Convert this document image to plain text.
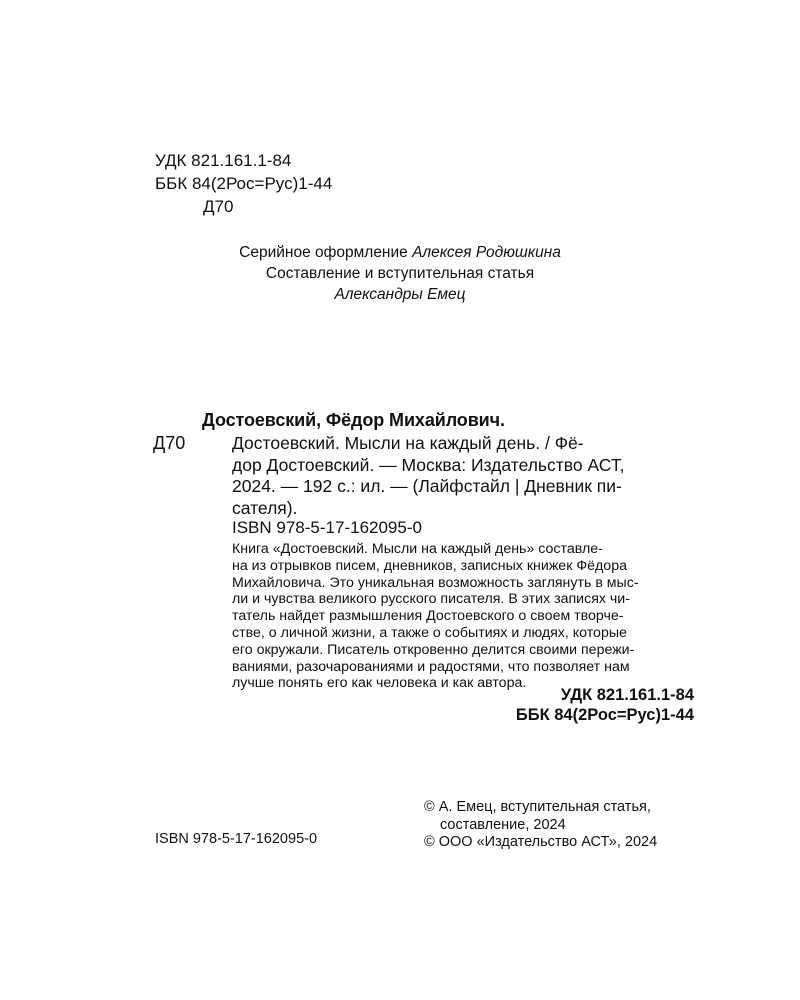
УДК 821.161.1-84
ББК 84(2Рос=Рус)1-44
Д70
Серийное оформление Алексея Родюшкина
Составление и вступительная статья
Александры Емец
Достоевский, Фёдор Михайлович.
Д70	Достоевский. Мысли на каждый день. / Фё-
дор Достоевский. — Москва: Издательство АСТ,
2024. — 192 с.: ил. — (Лайфстайл | Дневник пи-
сателя).
ISBN 978-5-17-162095-0
Книга «Достоевский. Мысли на каждый день» составле-
на из отрывков писем, дневников, записных книжек Фёдора
Михайловича. Это уникальная возможность заглянуть в мыс-
ли и чувства великого русского писателя. В этих записях чи-
татель найдет размышления Достоевского о своем творче-
стве, о личной жизни, а также о событиях и людях, которые
его окружали. Писатель откровенно делится своими пережи-
ваниями, разочарованиями и радостями, что позволяет нам
лучше понять его как человека и как автора.
УДК 821.161.1-84
ББК 84(2Рос=Рус)1-44
© А. Емец, вступительная статья,
составление, 2024
© ООО «Издательство АСТ», 2024
ISBN 978-5-17-162095-0
